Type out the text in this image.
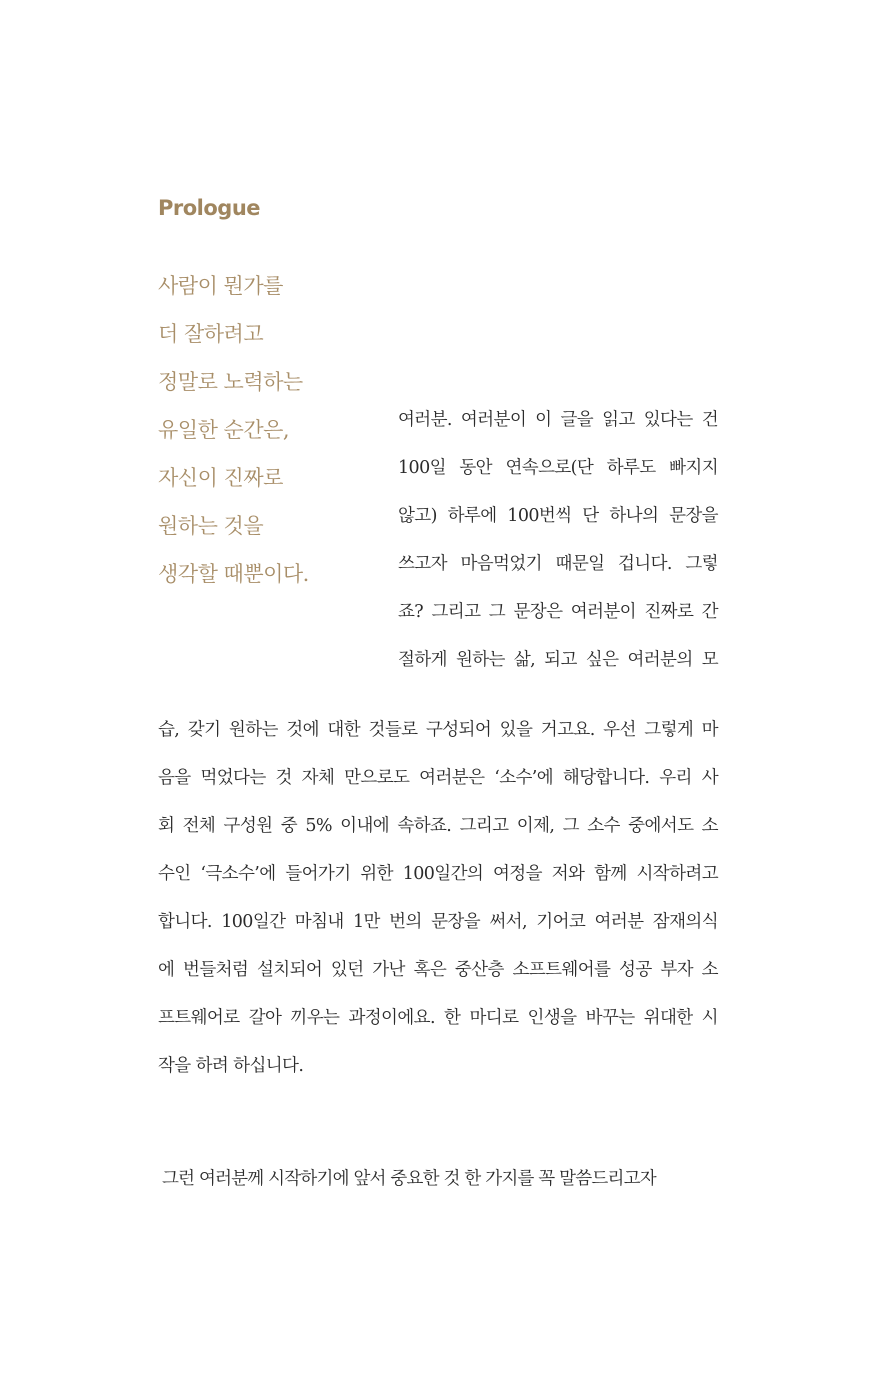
Prologue
사람이 뭔가를
더 잘하려고
정말로 노력하는
유일한 순간은,
자신이 진짜로
원하는 것을
생각할 때뿐이다.
여러분. 여러분이 이 글을 읽고 있다는 건
100일 동안 연속으로(단 하루도 빠지지
않고) 하루에 100번씩 단 하나의 문장을
쓰고자 마음먹었기 때문일 겁니다. 그렇
죠? 그리고 그 문장은 여러분이 진짜로 간
절하게 원하는 삶, 되고 싶은 여러분의 모
습, 갖기 원하는 것에 대한 것들로 구성되어 있을 거고요. 우선 그렇게 마
음을 먹었다는 것 자체 만으로도 여러분은 ‘소수’에 해당합니다. 우리 사
회 전체 구성원 중 5% 이내에 속하죠. 그리고 이제, 그 소수 중에서도 소
수인 ‘극소수’에 들어가기 위한 100일간의 여정을 저와 함께 시작하려고
합니다. 100일간 마침내 1만 번의 문장을 써서, 기어코 여러분 잠재의식
에 번들처럼 설치되어 있던 가난 혹은 중산층 소프트웨어를 성공 부자 소
프트웨어로 갈아 끼우는 과정이에요. 한 마디로 인생을 바꾸는 위대한 시
작을 하려 하십니다.
그런 여러분께 시작하기에 앞서 중요한 것 한 가지를 꼭 말씀드리고자
